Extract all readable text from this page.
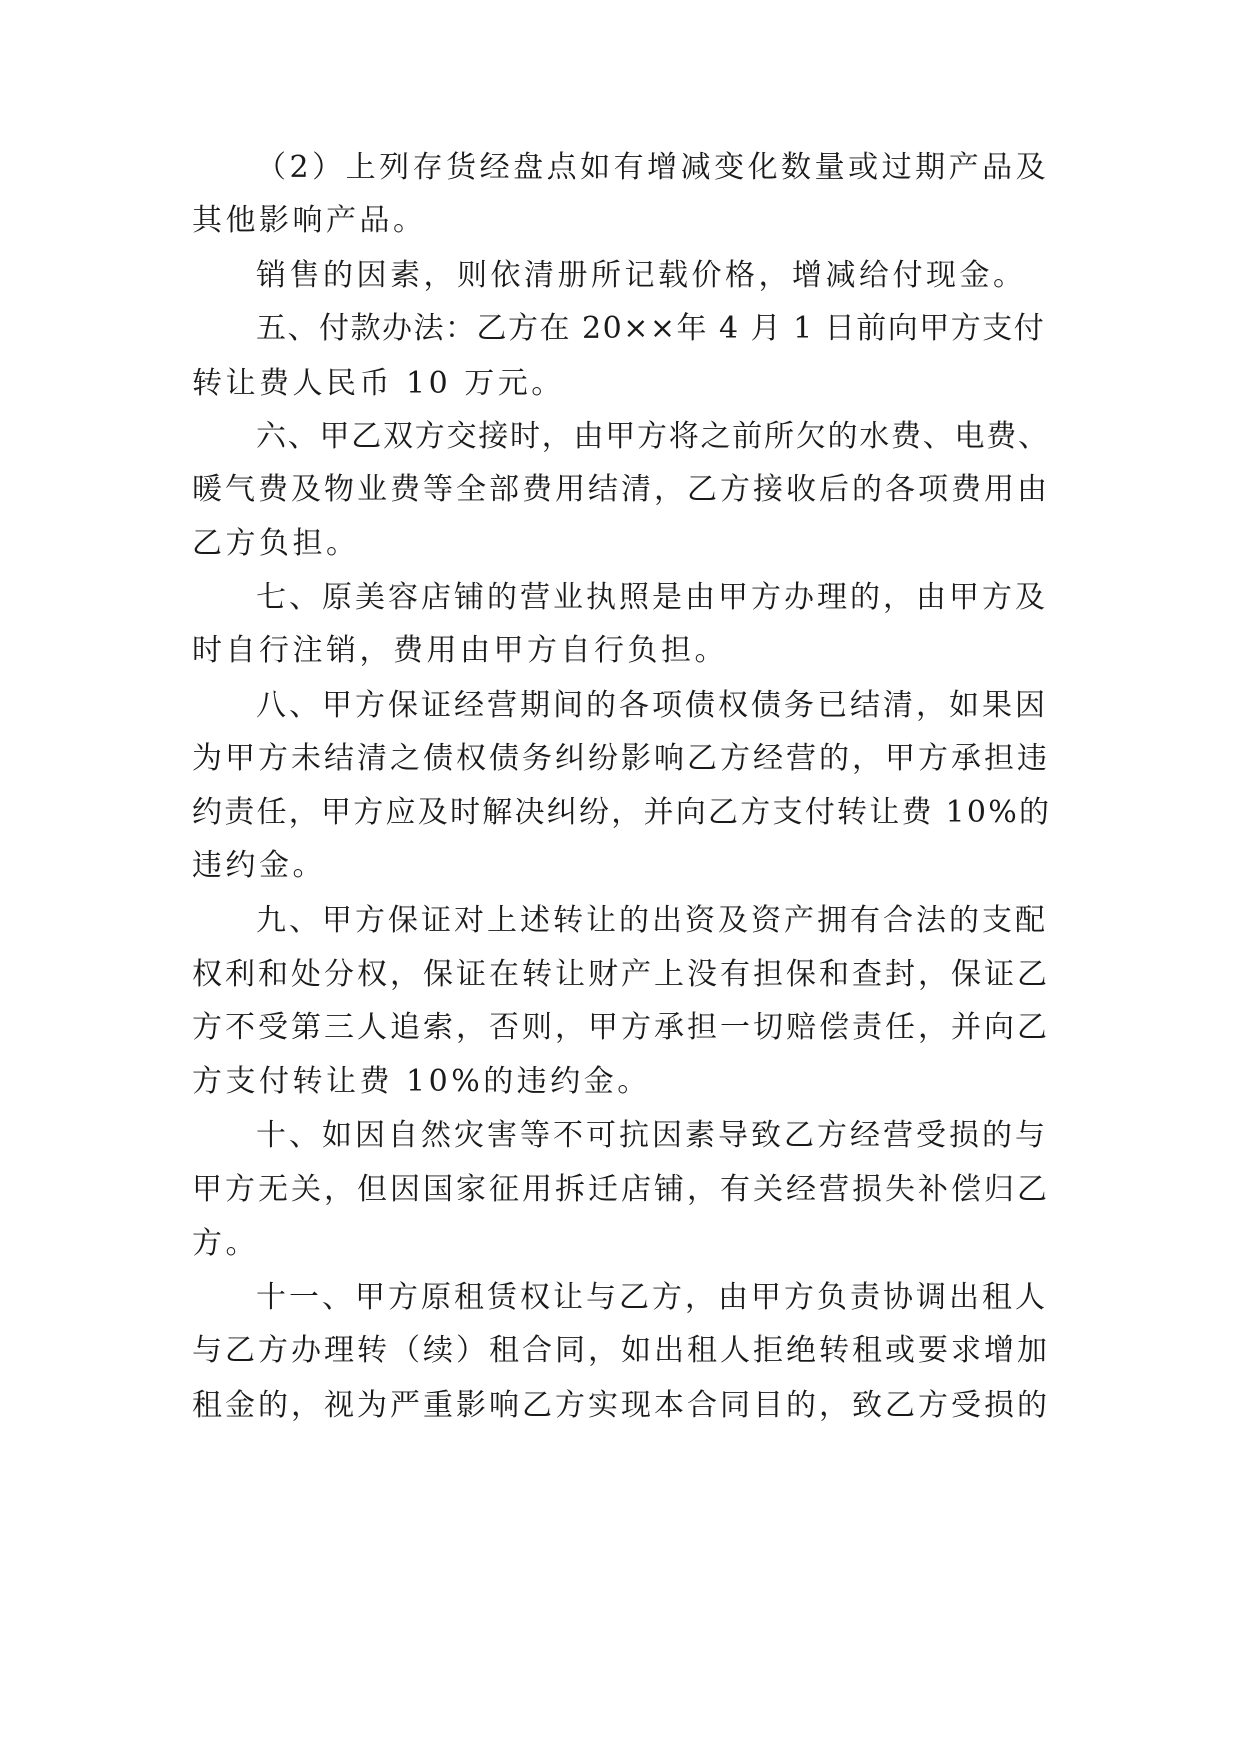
（2）上列存货经盘点如有增减变化数量或过期产品及
其他影响产品。
销售的因素，则依清册所记载价格，增减给付现金。
五、付款办法：乙方在 20××年 4 月 1 日前向甲方支付
转让费人民币 10 万元。
六、甲乙双方交接时，由甲方将之前所欠的水费、电费、
暖气费及物业费等全部费用结清，乙方接收后的各项费用由
乙方负担。
七、原美容店铺的营业执照是由甲方办理的，由甲方及
时自行注销，费用由甲方自行负担。
八、甲方保证经营期间的各项债权债务已结清，如果因
为甲方未结清之债权债务纠纷影响乙方经营的，甲方承担违
约责任，甲方应及时解决纠纷，并向乙方支付转让费 10%的
违约金。
九、甲方保证对上述转让的出资及资产拥有合法的支配
权利和处分权，保证在转让财产上没有担保和查封，保证乙
方不受第三人追索，否则，甲方承担一切赔偿责任，并向乙
方支付转让费 10%的违约金。
十、如因自然灾害等不可抗因素导致乙方经营受损的与
甲方无关，但因国家征用拆迁店铺，有关经营损失补偿归乙
方。
十一、甲方原租赁权让与乙方，由甲方负责协调出租人
与乙方办理转（续）租合同，如出租人拒绝转租或要求增加
租金的，视为严重影响乙方实现本合同目的，致乙方受损的
